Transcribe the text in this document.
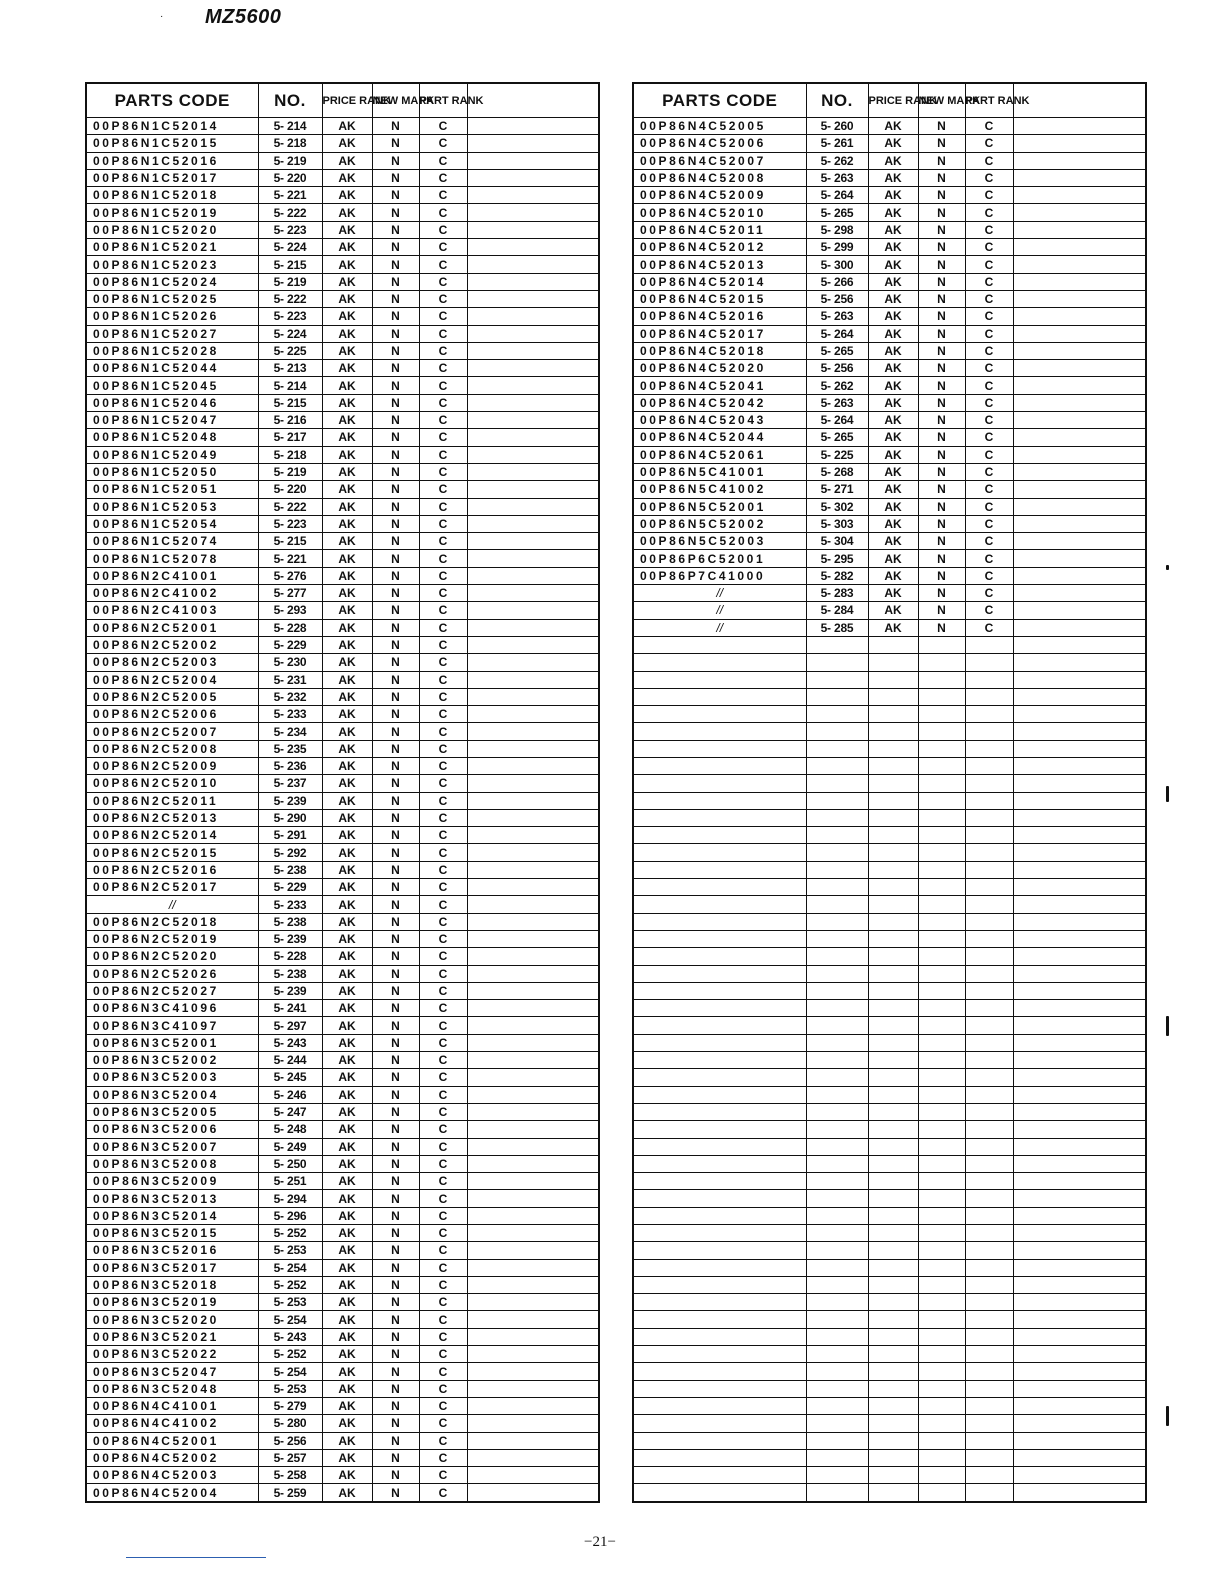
· MZ5600
PARTS CODE	NO.	PRICE RANK	NEW MARK	PART RANK	
00P86N1C52014	5- 214	AK	N	C	
00P86N1C52015	5- 218	AK	N	C	
00P86N1C52016	5- 219	AK	N	C	
00P86N1C52017	5- 220	AK	N	C	
00P86N1C52018	5- 221	AK	N	C	
00P86N1C52019	5- 222	AK	N	C	
00P86N1C52020	5- 223	AK	N	C	
00P86N1C52021	5- 224	AK	N	C	
00P86N1C52023	5- 215	AK	N	C	
00P86N1C52024	5- 219	AK	N	C	
00P86N1C52025	5- 222	AK	N	C	
00P86N1C52026	5- 223	AK	N	C	
00P86N1C52027	5- 224	AK	N	C	
00P86N1C52028	5- 225	AK	N	C	
00P86N1C52044	5- 213	AK	N	C	
00P86N1C52045	5- 214	AK	N	C	
00P86N1C52046	5- 215	AK	N	C	
00P86N1C52047	5- 216	AK	N	C	
00P86N1C52048	5- 217	AK	N	C	
00P86N1C52049	5- 218	AK	N	C	
00P86N1C52050	5- 219	AK	N	C	
00P86N1C52051	5- 220	AK	N	C	
00P86N1C52053	5- 222	AK	N	C	
00P86N1C52054	5- 223	AK	N	C	
00P86N1C52074	5- 215	AK	N	C	
00P86N1C52078	5- 221	AK	N	C	
00P86N2C41001	5- 276	AK	N	C	
00P86N2C41002	5- 277	AK	N	C	
00P86N2C41003	5- 293	AK	N	C	
00P86N2C52001	5- 228	AK	N	C	
00P86N2C52002	5- 229	AK	N	C	
00P86N2C52003	5- 230	AK	N	C	
00P86N2C52004	5- 231	AK	N	C	
00P86N2C52005	5- 232	AK	N	C	
00P86N2C52006	5- 233	AK	N	C	
00P86N2C52007	5- 234	AK	N	C	
00P86N2C52008	5- 235	AK	N	C	
00P86N2C52009	5- 236	AK	N	C	
00P86N2C52010	5- 237	AK	N	C	
00P86N2C52011	5- 239	AK	N	C	
00P86N2C52013	5- 290	AK	N	C	
00P86N2C52014	5- 291	AK	N	C	
00P86N2C52015	5- 292	AK	N	C	
00P86N2C52016	5- 238	AK	N	C	
00P86N2C52017	5- 229	AK	N	C	
//	5- 233	AK	N	C	
00P86N2C52018	5- 238	AK	N	C	
00P86N2C52019	5- 239	AK	N	C	
00P86N2C52020	5- 228	AK	N	C	
00P86N2C52026	5- 238	AK	N	C	
00P86N2C52027	5- 239	AK	N	C	
00P86N3C41096	5- 241	AK	N	C	
00P86N3C41097	5- 297	AK	N	C	
00P86N3C52001	5- 243	AK	N	C	
00P86N3C52002	5- 244	AK	N	C	
00P86N3C52003	5- 245	AK	N	C	
00P86N3C52004	5- 246	AK	N	C	
00P86N3C52005	5- 247	AK	N	C	
00P86N3C52006	5- 248	AK	N	C	
00P86N3C52007	5- 249	AK	N	C	
00P86N3C52008	5- 250	AK	N	C	
00P86N3C52009	5- 251	AK	N	C	
00P86N3C52013	5- 294	AK	N	C	
00P86N3C52014	5- 296	AK	N	C	
00P86N3C52015	5- 252	AK	N	C	
00P86N3C52016	5- 253	AK	N	C	
00P86N3C52017	5- 254	AK	N	C	
00P86N3C52018	5- 252	AK	N	C	
00P86N3C52019	5- 253	AK	N	C	
00P86N3C52020	5- 254	AK	N	C	
00P86N3C52021	5- 243	AK	N	C	
00P86N3C52022	5- 252	AK	N	C	
00P86N3C52047	5- 254	AK	N	C	
00P86N3C52048	5- 253	AK	N	C	
00P86N4C41001	5- 279	AK	N	C	
00P86N4C41002	5- 280	AK	N	C	
00P86N4C52001	5- 256	AK	N	C	
00P86N4C52002	5- 257	AK	N	C	
00P86N4C52003	5- 258	AK	N	C	
00P86N4C52004	5- 259	AK	N	C	
PARTS CODE	NO.	PRICE RANK	NEW MARK	PART RANK	
00P86N4C52005	5- 260	AK	N	C	
00P86N4C52006	5- 261	AK	N	C	
00P86N4C52007	5- 262	AK	N	C	
00P86N4C52008	5- 263	AK	N	C	
00P86N4C52009	5- 264	AK	N	C	
00P86N4C52010	5- 265	AK	N	C	
00P86N4C52011	5- 298	AK	N	C	
00P86N4C52012	5- 299	AK	N	C	
00P86N4C52013	5- 300	AK	N	C	
00P86N4C52014	5- 266	AK	N	C	
00P86N4C52015	5- 256	AK	N	C	
00P86N4C52016	5- 263	AK	N	C	
00P86N4C52017	5- 264	AK	N	C	
00P86N4C52018	5- 265	AK	N	C	
00P86N4C52020	5- 256	AK	N	C	
00P86N4C52041	5- 262	AK	N	C	
00P86N4C52042	5- 263	AK	N	C	
00P86N4C52043	5- 264	AK	N	C	
00P86N4C52044	5- 265	AK	N	C	
00P86N4C52061	5- 225	AK	N	C	
00P86N5C41001	5- 268	AK	N	C	
00P86N5C41002	5- 271	AK	N	C	
00P86N5C52001	5- 302	AK	N	C	
00P86N5C52002	5- 303	AK	N	C	
00P86N5C52003	5- 304	AK	N	C	
00P86P6C52001	5- 295	AK	N	C	
00P86P7C41000	5- 282	AK	N	C	
//	5- 283	AK	N	C	
//	5- 284	AK	N	C	
//	5- 285	AK	N	C	

−21−
